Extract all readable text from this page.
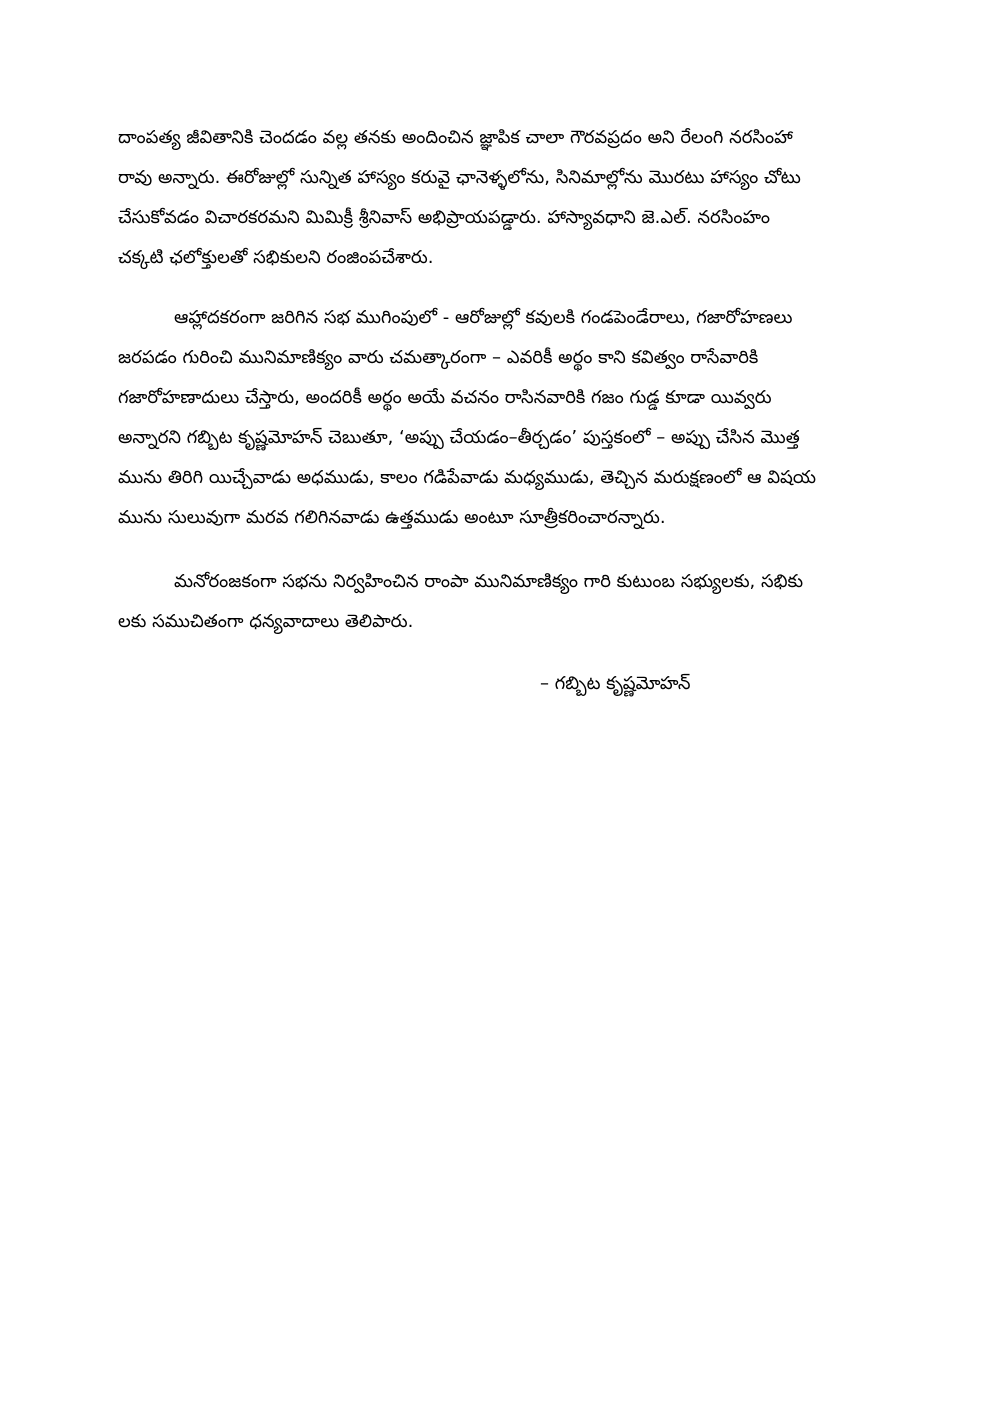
దాంపత్య జీవితానికి చెందడం వల్ల తనకు అందించిన జ్ఞాపిక చాలా గౌరవప్రదం అని రేలంగి నరసింహా
రావు అన్నారు. ఈరోజుల్లో సున్నిత హాస్యం కరువై ఛానెళ్ళలోను, సినిమాల్లోను మొరటు హాస్యం చోటు
చేసుకోవడం విచారకరమని మిమిక్రీ శ్రీనివాస్ అభిప్రాయపడ్డారు. హాస్యావధాని జె.ఎల్. నరసింహం
చక్కటి ఛలోక్తులతో సభికులని రంజింపచేశారు.
ఆహ్లాదకరంగా జరిగిన సభ ముగింపులో - ఆరోజుల్లో కవులకి గండపెండేరాలు, గజారోహణలు
జరపడం గురించి మునిమాణిక్యం వారు చమత్కారంగా – ఎవరికీ అర్థం కాని కవిత్వం రాసేవారికి
గజారోహణాదులు చేస్తారు, అందరికీ అర్థం అయే వచనం రాసినవారికి గజం గుడ్డ కూడా యివ్వరు
అన్నారని గబ్బిట కృష్ణమోహన్ చెబుతూ, ‘అప్పు చేయడం–తీర్చడం’ పుస్తకంలో – అప్పు చేసిన మొత్త
మును తిరిగి యిచ్చేవాడు అధముడు, కాలం గడిపేవాడు మధ్యముడు, తెచ్చిన మరుక్షణంలో ఆ విషయ
మును సులువుగా మరవ గలిగినవాడు ఉత్తముడు అంటూ సూత్రీకరించారన్నారు.
మనోరంజకంగా సభను నిర్వహించిన రాంపా మునిమాణిక్యం గారి కుటుంబ సభ్యులకు, సభికు
లకు సముచితంగా ధన్యవాదాలు తెలిపారు.
– గబ్బిట కృష్ణమోహన్
